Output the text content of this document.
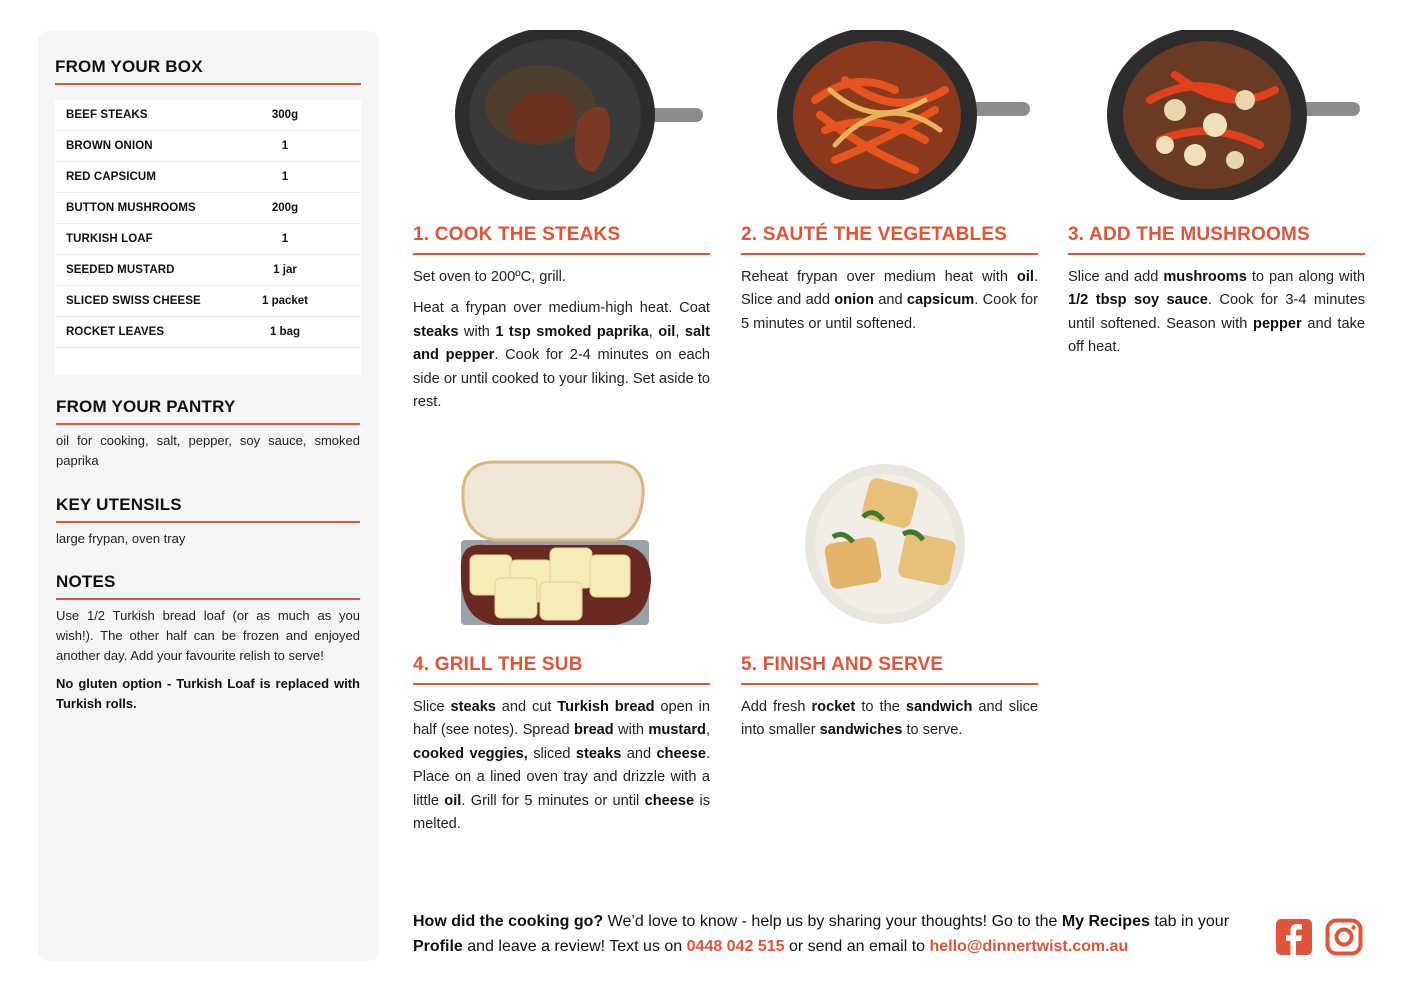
FROM YOUR BOX
BEEF STEAKS	300g
BROWN ONION	1
RED CAPSICUM	1
BUTTON MUSHROOMS	200g
TURKISH LOAF	1
SEEDED MUSTARD	1 jar
SLICED SWISS CHEESE	1 packet
ROCKET LEAVES	1 bag
FROM YOUR PANTRY
oil for cooking, salt, pepper, soy sauce, smoked paprika
KEY UTENSILS
large frypan, oven tray
NOTES
Use 1/2 Turkish bread loaf (or as much as you wish!). The other half can be frozen and enjoyed another day. Add your favourite relish to serve!
No gluten option - Turkish Loaf is replaced with Turkish rolls.
1. COOK THE STEAKS

Set oven to 200ºC, grill.

Heat a frypan over medium-high heat. Coat steaks with 1 tsp smoked paprika, oil, salt and pepper. Cook for 2-4 minutes on each side or until cooked to your liking. Set aside to rest.

2. SAUTÉ THE VEGETABLES

Reheat frypan over medium heat with oil. Slice and add onion and capsicum. Cook for 5 minutes or until softened.

3. ADD THE MUSHROOMS

Slice and add mushrooms to pan along with 1/2 tbsp soy sauce. Cook for 3-4 minutes until softened. Season with pepper and take off heat.

4. GRILL THE SUB

Slice steaks and cut Turkish bread open in half (see notes). Spread bread with mustard, cooked veggies, sliced steaks and cheese. Place on a lined oven tray and drizzle with a little oil. Grill for 5 minutes or until cheese is melted.

5. FINISH AND SERVE

Add fresh rocket to the sandwich and slice into smaller sandwiches to serve.

How did the cooking go? We’d love to know - help us by sharing your thoughts! Go to the My Recipes tab in your Profile and leave a review! Text us on 0448 042 515 or send an email to hello@dinnertwist.com.au
